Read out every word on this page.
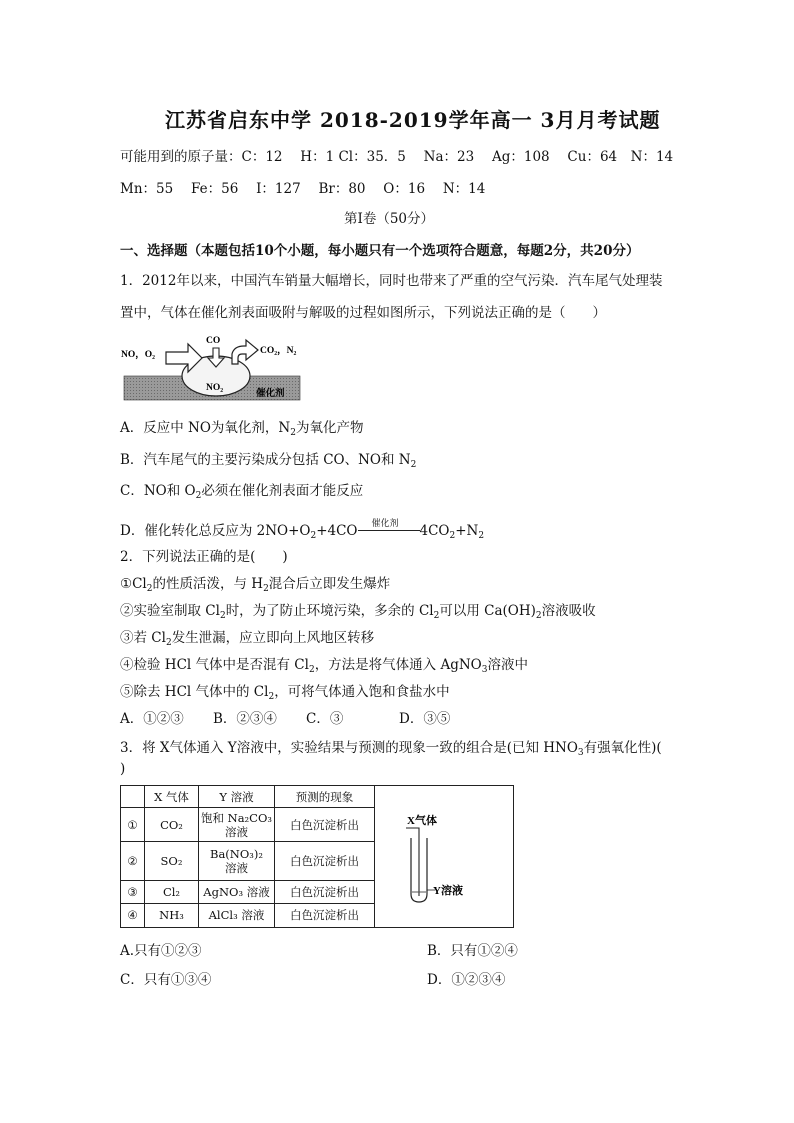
江苏省启东中学 2018-2019学年高一 3月月考试题
可能用到的原子量：C：12　 H：1 Cl：35．5　 Na：23　 Ag：108　 Cu：64　N：14
Mn：55　 Fe：56　 I：127　 Br：80　 O：16　 N：14
第Ⅰ卷（50分）
一、选择题（本题包括10个小题，每小题只有一个选项符合题意，每题2分，共20分）
1．2012年以来，中国汽车销量大幅增长，同时也带来了严重的空气污染．汽车尾气处理装
置中，气体在催化剂表面吸附与解吸的过程如图所示，下列说法正确的是（　　）
NO，O₂
CO
CO₂，N₂
NO₂
催化剂
A．反应中 NO为氧化剂，$N_2$为氧化产物
B．汽车尾气的主要污染成分包括 CO、NO和 $N_2$
C．NO和 $O_2$必须在催化剂表面才能反应
D．催化转化总反应为 $2NO+O_2+4CO$ 催化剂 $4CO_2+N_2$
2．下列说法正确的是(　　)
$①Cl_2$的性质活泼，与 $H_2$混合后立即发生爆炸
②实验室制取 $Cl_2$时，为了防止环境污染，多余的 $Cl_2$可以用 $Ca(OH)_2$溶液吸收
③若 $Cl_2$发生泄漏，应立即向上风地区转移
④检验 HCl 气体中是否混有 $Cl_2$，方法是将气体通入 AgNO$_3$溶液中
⑤除去 HCl 气体中的 $Cl_2$，可将气体通入饱和食盐水中
A．①②③ B．②③④ C．③	D．③⑤
3．将 X气体通入 Y溶液中，实验结果与预测的现象一致的组合是(已知 $HNO_3$有强氧化性)(
)
	X 气体	Y 溶液	预测的现象	X气体
Y溶液

①	CO₂	饱和 Na₂CO₃
溶液	白色沉淀析出	
②	SO₂	Ba(NO₃)₂
溶液	白色沉淀析出	
③	Cl₂	AgNO₃ 溶液	白色沉淀析出	
④	NH₃	AlCl₃ 溶液	白色沉淀析出	
A.只有①②③	B．只有①②④
C．只有①③④	D．①②③④
